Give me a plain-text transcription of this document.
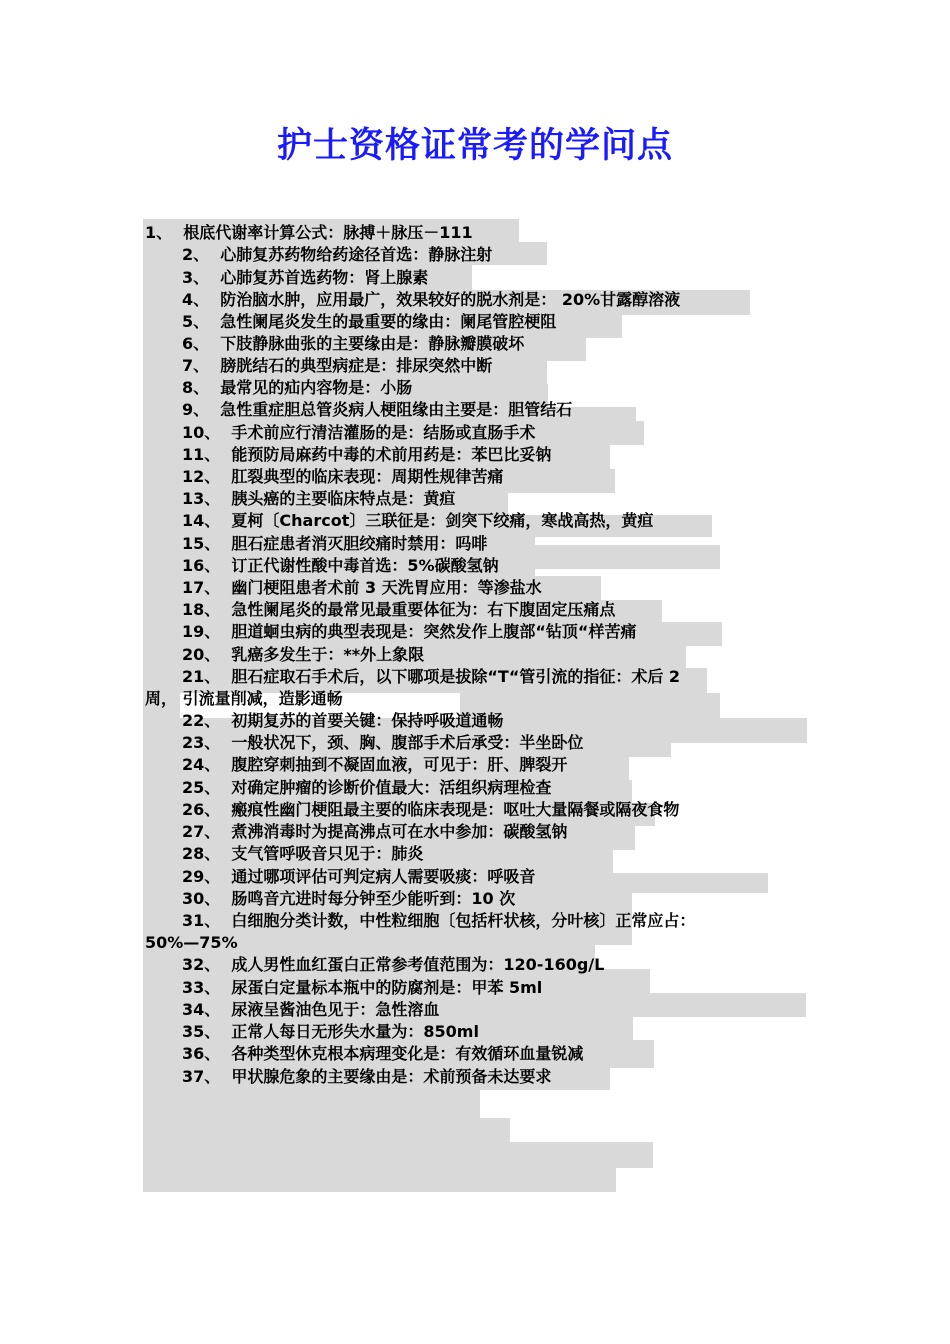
护士资格证常考的学问点
1、  根底代谢率计算公式：脉搏＋脉压－111
2、  心肺复苏药物给药途径首选：静脉注射
3、  心肺复苏首选药物：肾上腺素
4、  防治脑水肿，应用最广，效果较好的脱水剂是： 20%甘露醇溶液
5、  急性阑尾炎发生的最重要的缘由：阑尾管腔梗阻
6、  下肢静脉曲张的主要缘由是：静脉瓣膜破坏
7、  膀胱结石的典型病症是：排尿突然中断
8、  最常见的疝内容物是：小肠
9、  急性重症胆总管炎病人梗阻缘由主要是：胆管结石
10、  手术前应行清洁灌肠的是：结肠或直肠手术
11、  能预防局麻药中毒的术前用药是：苯巴比妥钠
12、  肛裂典型的临床表现：周期性规律苦痛
13、  胰头癌的主要临床特点是：黄疸
14、  夏柯〔Charcot〕三联征是：剑突下绞痛，寒战高热，黄疸
15、  胆石症患者消灭胆绞痛时禁用：吗啡
16、  订正代谢性酸中毒首选：5%碳酸氢钠
17、  幽门梗阻患者术前 3 天洗胃应用：等渗盐水
18、  急性阑尾炎的最常见最重要体征为：右下腹固定压痛点
19、  胆道蛔虫病的典型表现是：突然发作上腹部“钻顶“样苦痛
20、  乳癌多发生于：**外上象限
21、  胆石症取石手术后，以下哪项是拔除“T“管引流的指征：术后 2
周， 引流量削减，造影通畅
22、  初期复苏的首要关键：保持呼吸道通畅
23、  一般状况下，颈、胸、腹部手术后承受：半坐卧位
24、  腹腔穿刺抽到不凝固血液，可见于：肝、脾裂开
25、  对确定肿瘤的诊断价值最大：活组织病理检查
26、  瘢痕性幽门梗阻最主要的临床表现是：呕吐大量隔餐或隔夜食物
27、  煮沸消毒时为提高沸点可在水中参加：碳酸氢钠
28、  支气管呼吸音只见于：肺炎
29、  通过哪项评估可判定病人需要吸痰：呼吸音
30、  肠鸣音亢进时每分钟至少能听到：10 次
31、  白细胞分类计数，中性粒细胞〔包括杆状核，分叶核〕正常应占：
50%—75%
32、  成人男性血红蛋白正常参考值范围为：120-160g/L
33、  尿蛋白定量标本瓶中的防腐剂是：甲苯 5ml
34、  尿液呈酱油色见于：急性溶血
35、  正常人每日无形失水量为：850ml
36、  各种类型休克根本病理变化是：有效循环血量锐减
37、  甲状腺危象的主要缘由是：术前预备未达要求
